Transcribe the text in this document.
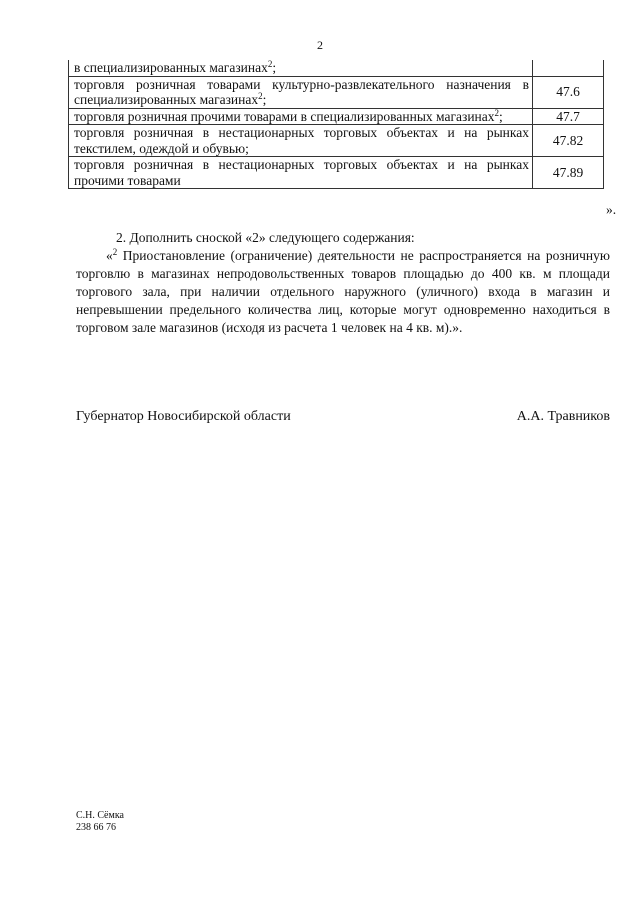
2
в специализированных магазинах$^2$;	
торговля розничная товарами культурно-развлекательного назначения в специализированных магазинах$^2$;	47.6
торговля розничная прочими товарами в специализированных магазинах$^2$;	47.7
торговля розничная в нестационарных торговых объектах и на рынках текстилем, одеждой и обувью;	47.82
торговля розничная в нестационарных торговых объектах и на рынках прочими товарами	47.89
».
2. Дополнить сноской «2» следующего содержания:
«$^2$ Приостановление (ограничение) деятельности не распространяется на розничную торговлю в магазинах непродовольственных товаров площадью до 400 кв. м площади торгового зала, при наличии отдельного наружного (уличного) входа в магазин и непревышении предельного количества лиц, которые могут одновременно находиться в торговом зале магазинов (исходя из расчета 1 человек на 4 кв. м).».
Губернатор Новосибирской области	А.А. Травников
С.Н. Сёмка
238 66 76
